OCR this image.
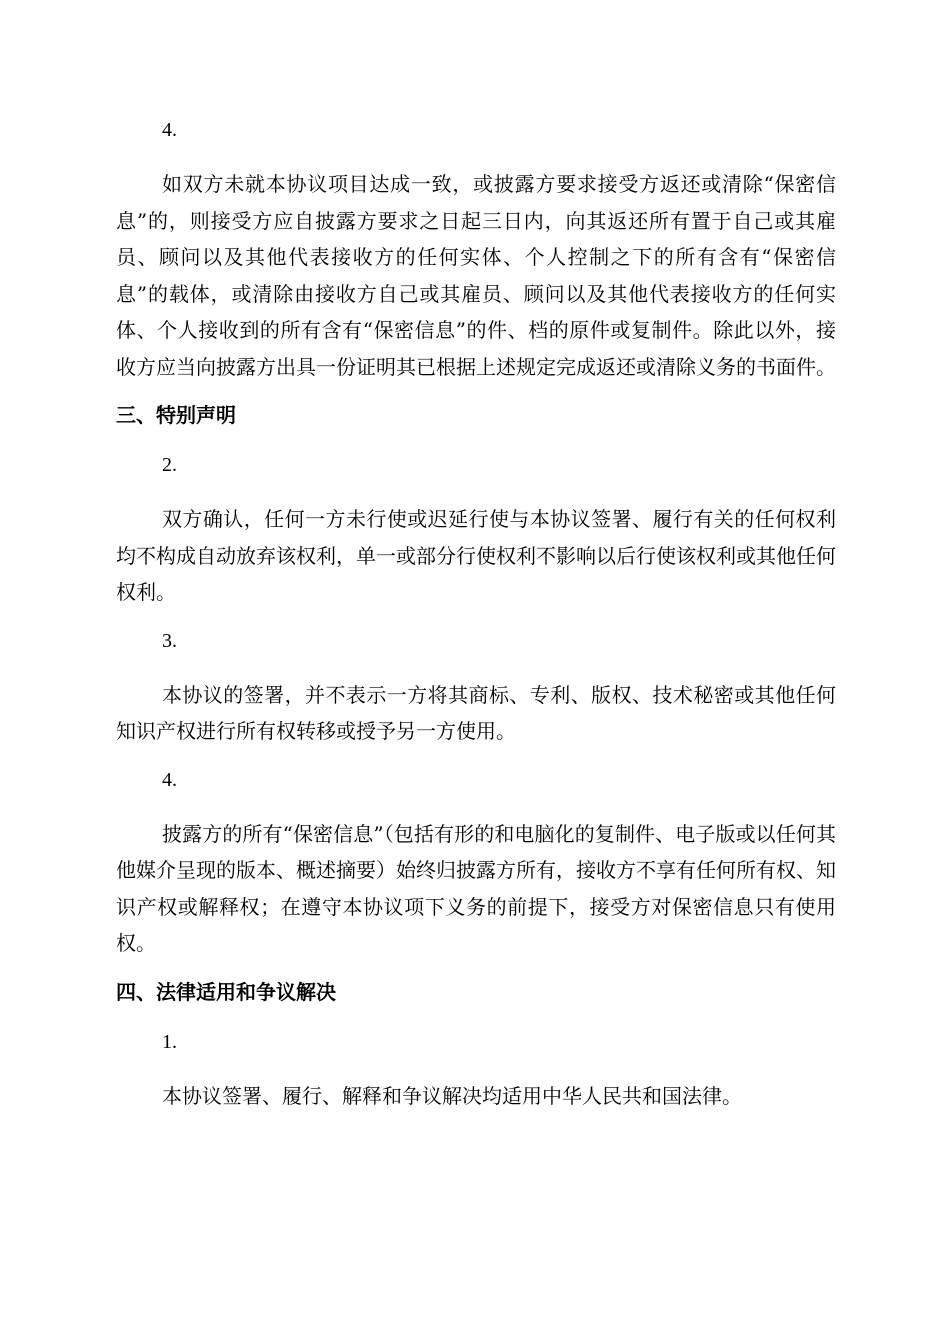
4.

如双方未就本协议项目达成一致，或披露方要求接受方返还或清除“保密信息”的，则接受方应自披露方要求之日起三日内，向其返还所有置于自己或其雇员、顾问以及其他代表接收方的任何实体、个人控制之下的所有含有“保密信息”的载体，或清除由接收方自己或其雇员、顾问以及其他代表接收方的任何实体、个人接收到的所有含有“保密信息”的件、档的原件或复制件。除此以外，接收方应当向披露方出具一份证明其已根据上述规定完成返还或清除义务的书面件。

三、特别声明
2.

双方确认，任何一方未行使或迟延行使与本协议签署、履行有关的任何权利均不构成自动放弃该权利，单一或部分行使权利不影响以后行使该权利或其他任何权利。

3.

本协议的签署，并不表示一方将其商标、专利、版权、技术秘密或其他任何知识产权进行所有权转移或授予另一方使用。

4.

披露方的所有“保密信息”（包括有形的和电脑化的复制件、电子版或以任何其他媒介呈现的版本、概述摘要）始终归披露方所有，接收方不享有任何所有权、知识产权或解释权；在遵守本协议项下义务的前提下，接受方对保密信息只有使用权。

四、法律适用和争议解决
1.

本协议签署、履行、解释和争议解决均适用中华人民共和国法律。
